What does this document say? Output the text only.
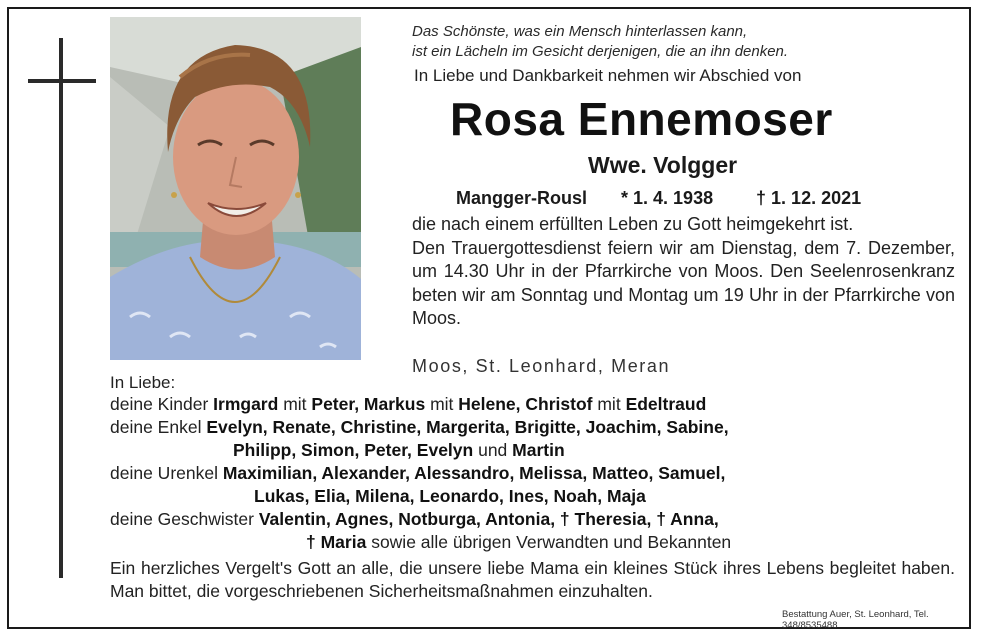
Das Schönste, was ein Mensch hinterlassen kann,
ist ein Lächeln im Gesicht derjenigen, die an ihn denken.
In Liebe und Dankbarkeit nehmen wir Abschied von
Rosa Ennemoser
Wwe. Volgger
Mangger-Rousl * 1. 4. 1938 † 1. 12. 2021

die nach einem erfüllten Leben zu Gott heimgekehrt ist.

Den Trauergottesdienst feiern wir am Dienstag, dem 7. Dezember, um 14.30 Uhr in der Pfarrkirche von Moos. Den Seelenrosenkranz beten wir am Sonntag und Montag um 19 Uhr in der Pfarrkirche von Moos.

Moos, St. Leonhard, Meran
In Liebe:
deine Kinder Irmgard mit Peter, Markus mit Helene, Christof mit Edeltraud
deine Enkel Evelyn, Renate, Christine, Margerita, Brigitte, Joachim, Sabine,
Philipp, Simon, Peter, Evelyn und Martin
deine Urenkel Maximilian, Alexander, Alessandro, Melissa, Matteo, Samuel,
Lukas, Elia, Milena, Leonardo, Ines, Noah, Maja
deine Geschwister Valentin, Agnes, Notburga, Antonia, † Theresia, † Anna,
† Maria sowie alle übrigen Verwandten und Bekannten

Ein herzliches Vergelt's Gott an alle, die unsere liebe Mama ein kleines Stück ihres Lebens begleitet haben. Man bittet, die vorgeschriebenen Sicherheitsmaßnahmen einzuhalten.

Bestattung Auer, St. Leonhard, Tel. 348/8535488
